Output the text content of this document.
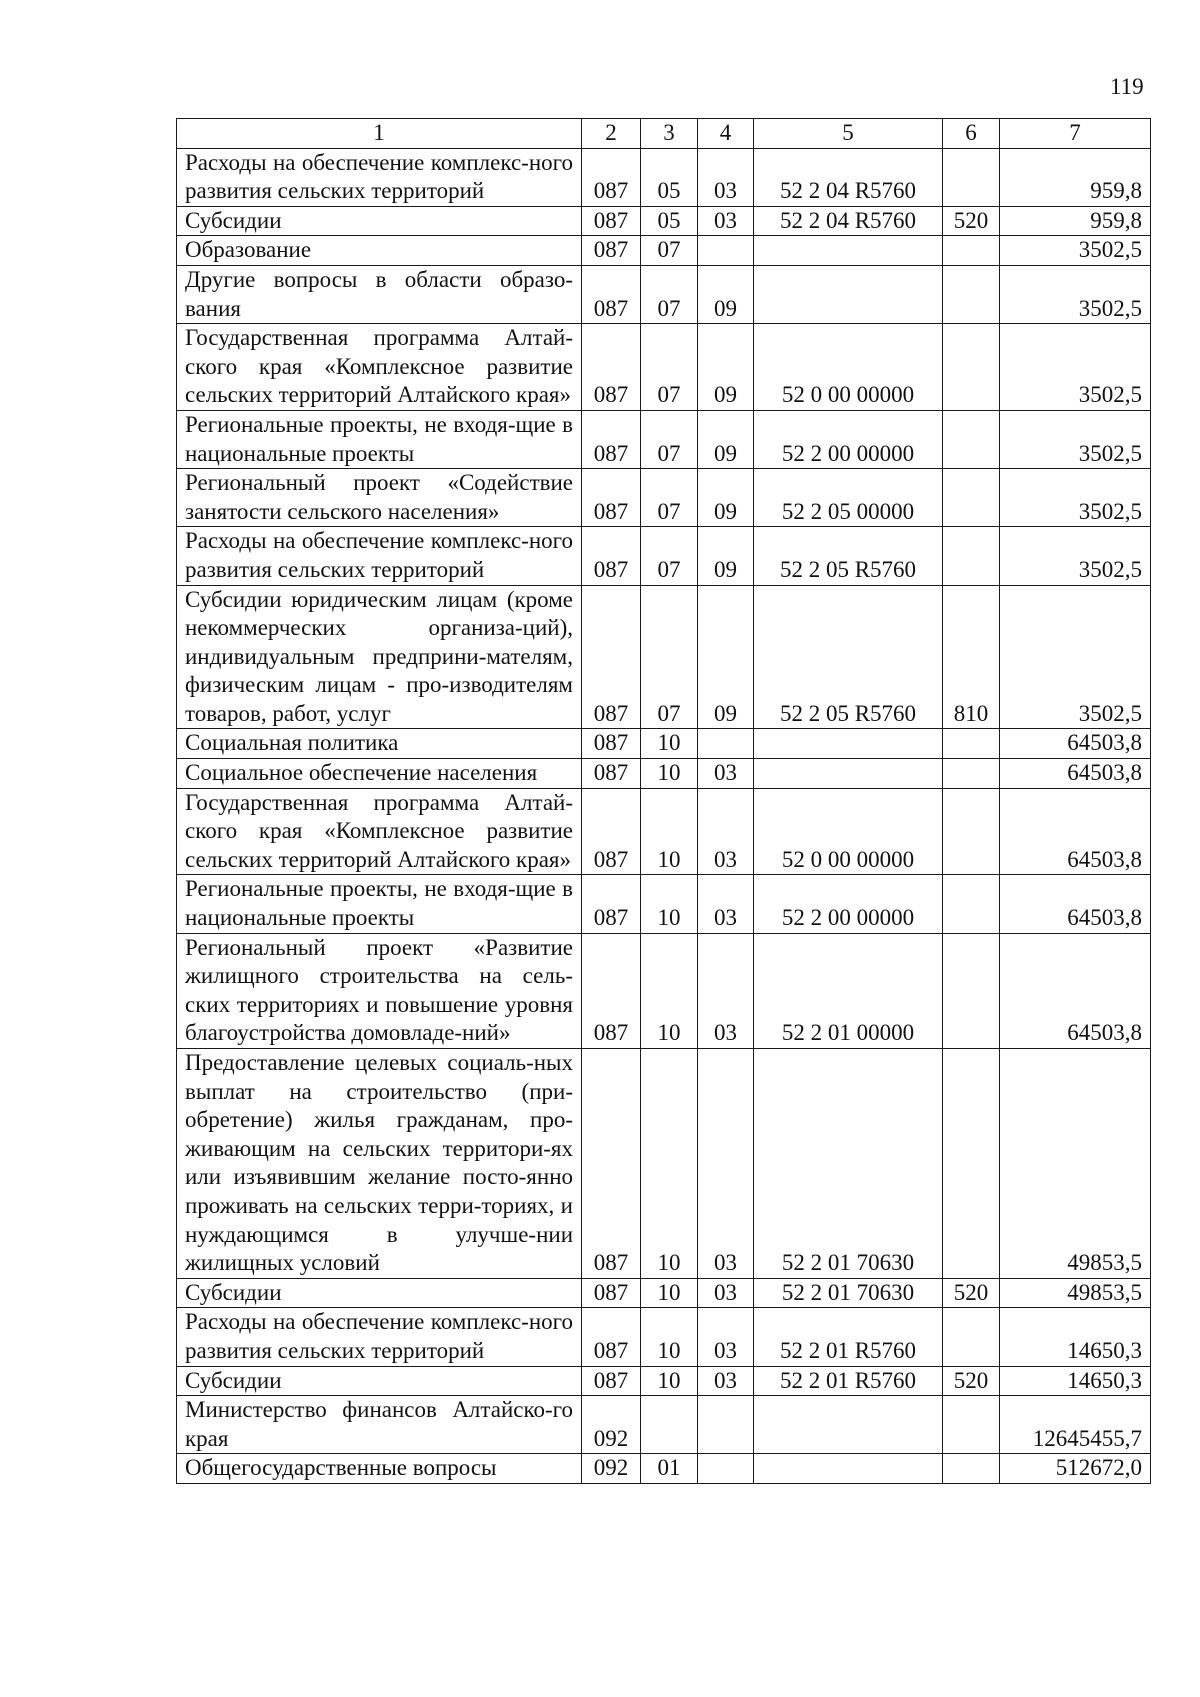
119
1	2	3	4	5	6	7
Расходы на обеспечение комплекс-ного развития сельских территорий	087	05	03	52 2 04 R5760		959,8
Субсидии	087	05	03	52 2 04 R5760	520	959,8
Образование	087	07				3502,5
Другие вопросы в области образо-вания	087	07	09			3502,5
Государственная программа Алтай-ского края «Комплексное развитие сельских территорий Алтайского края»	087	07	09	52 0 00 00000		3502,5
Региональные проекты, не входя-щие в национальные проекты	087	07	09	52 2 00 00000		3502,5
Региональный проект «Содействие занятости сельского населения»	087	07	09	52 2 05 00000		3502,5
Расходы на обеспечение комплекс-ного развития сельских территорий	087	07	09	52 2 05 R5760		3502,5
Субсидии юридическим лицам (кроме некоммерческих организа-ций), индивидуальным предприни-мателям, физическим лицам - про-изводителям товаров, работ, услуг	087	07	09	52 2 05 R5760	810	3502,5
Социальная политика	087	10				64503,8
Социальное обеспечение населения	087	10	03			64503,8
Государственная программа Алтай-ского края «Комплексное развитие сельских территорий Алтайского края»	087	10	03	52 0 00 00000		64503,8
Региональные проекты, не входя-щие в национальные проекты	087	10	03	52 2 00 00000		64503,8
Региональный проект «Развитие жилищного строительства на сель-ских территориях и повышение уровня благоустройства домовладе-ний»	087	10	03	52 2 01 00000		64503,8
Предоставление целевых социаль-ных выплат на строительство (при-обретение) жилья гражданам, про-живающим на сельских территори-ях или изъявившим желание посто-янно проживать на сельских терри-ториях, и нуждающимся в улучше-нии жилищных условий	087	10	03	52 2 01 70630		49853,5
Субсидии	087	10	03	52 2 01 70630	520	49853,5
Расходы на обеспечение комплекс-ного развития сельских территорий	087	10	03	52 2 01 R5760		14650,3
Субсидии	087	10	03	52 2 01 R5760	520	14650,3
Министерство финансов Алтайско-го края	092					12645455,7
Общегосударственные вопросы	092	01				512672,0
